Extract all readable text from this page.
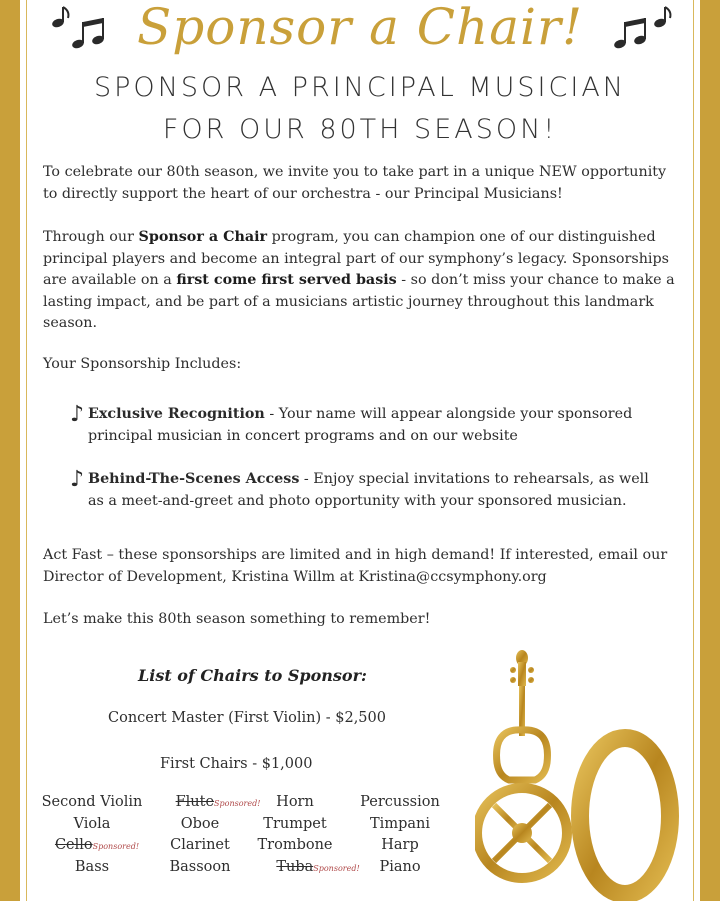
Sponsor a Chair!
SPONSOR A PRINCIPAL MUSICIAN
FOR OUR 80TH SEASON!
To celebrate our 80th season, we invite you to take part in a unique NEW opportunity to directly support the heart of our orchestra - our Principal Musicians!
Through our Sponsor a Chair program, you can champion one of our distinguished principal players and become an integral part of our symphony’s legacy. Sponsorships are available on a first come first served basis - so don’t miss your chance to make a lasting impact, and be part of a musicians artistic journey throughout this landmark season.
Your Sponsorship Includes:
♪ Exclusive Recognition - Your name will appear alongside your sponsored principal musician in concert programs and on our website
♪ Behind-The-Scenes Access - Enjoy special invitations to rehearsals, as well as a meet-and-greet and photo opportunity with your sponsored musician.
Act Fast – these sponsorships are limited and in high demand! If interested, email our Director of Development, Kristina Willm at Kristina@ccsymphony.org
Let’s make this 80th season something to remember!
List of Chairs to Sponsor:
Concert Master (First Violin) - $2,500
First Chairs - $1,000
Second Violin
Viola
CelloSponsored!
Bass
FluteSponsored!
Oboe
Clarinet
Bassoon
Horn
Trumpet
Trombone
TubaSponsored!
Percussion
Timpani
Harp
Piano
